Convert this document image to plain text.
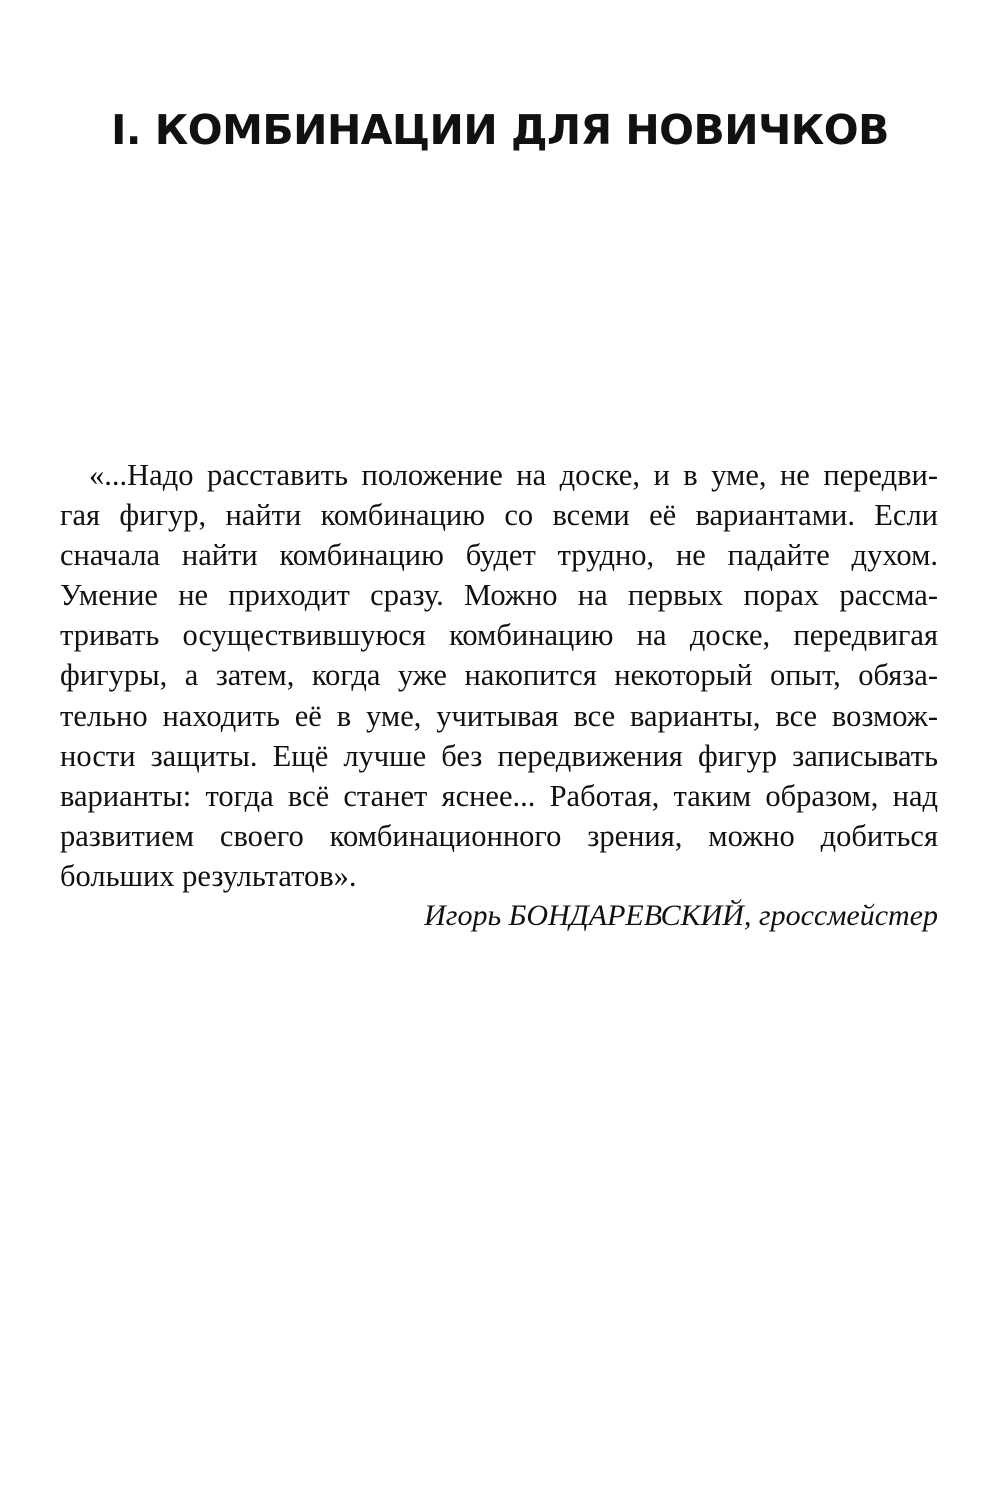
I. КОМБИНАЦИИ ДЛЯ НОВИЧКОВ
«...Надо расставить положение на доске, и в уме, не передви-
гая фигур, найти комбинацию со всеми её вариантами. Если
сначала найти комбинацию будет трудно, не падайте духом.
Умение не приходит сразу. Можно на первых порах рассма-
тривать осуществившуюся комбинацию на доске, передвигая
фигуры, а затем, когда уже накопится некоторый опыт, обяза-
тельно находить её в уме, учитывая все варианты, все возмож-
ности защиты. Ещё лучше без передвижения фигур записывать
варианты: тогда всё станет яснее... Работая, таким образом, над
развитием своего комбинационного зрения, можно добиться
больших результатов».

Игорь БОНДАРЕВСКИЙ, гроссмейстер
